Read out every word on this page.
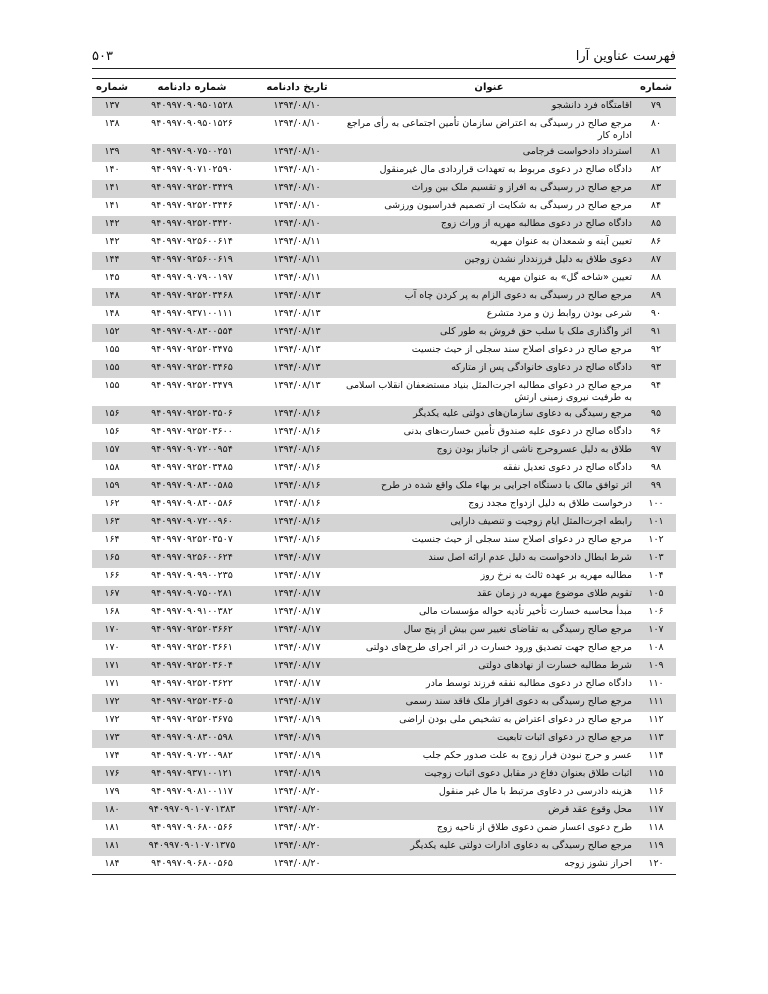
فهرست عناوین آرا
۵۰۳
شماره	عنوان	تاریخ دادنامه	شماره دادنامه	شماره
۷۹	اقامتگاه فرد دانشجو	۱۳۹۴/۰۸/۱۰	۹۴۰۹۹۷۰۹۰۹۵۰۱۵۲۸	۱۳۷
۸۰	مرجع صالح در رسیدگی به اعتراض سازمان تأمین اجتماعی به رأی مراجع اداره کار	۱۳۹۴/۰۸/۱۰	۹۴۰۹۹۷۰۹۰۹۵۰۱۵۲۶	۱۳۸
۸۱	استرداد دادخواست فرجامی	۱۳۹۴/۰۸/۱۰	۹۴۰۹۹۷۰۹۰۷۵۰۰۲۵۱	۱۳۹
۸۲	دادگاه صالح در دعوی مربوط به تعهدات قراردادی مال غیرمنقول	۱۳۹۴/۰۸/۱۰	۹۴۰۹۹۷۰۹۰۷۱۰۲۵۹۰	۱۴۰
۸۳	مرجع صالح در رسیدگی به افراز و تقسیم ملک بین وراث	۱۳۹۴/۰۸/۱۰	۹۴۰۹۹۷۰۹۲۵۲۰۳۴۲۹	۱۴۱
۸۴	مرجع صالح در رسیدگی به شکایت از تصمیم فدراسیون ورزشی	۱۳۹۴/۰۸/۱۰	۹۴۰۹۹۷۰۹۲۵۲۰۳۴۴۶	۱۴۱
۸۵	دادگاه صالح در دعوی مطالبه مهریه از وراث زوج	۱۳۹۴/۰۸/۱۰	۹۴۰۹۹۷۰۹۲۵۲۰۳۴۲۰	۱۴۲
۸۶	تعیین آینه و شمعدان به عنوان مهریه	۱۳۹۴/۰۸/۱۱	۹۴۰۹۹۷۰۹۲۵۶۰۰۶۱۴	۱۴۲
۸۷	دعوی طلاق به دلیل فرزنددار نشدن زوجین	۱۳۹۴/۰۸/۱۱	۹۴۰۹۹۷۰۹۲۵۶۰۰۶۱۹	۱۴۴
۸۸	تعیین «شاخه گل» به عنوان مهریه	۱۳۹۴/۰۸/۱۱	۹۴۰۹۹۷۰۹۰۷۹۰۰۱۹۷	۱۴۵
۸۹	مرجع صالح در رسیدگی به دعوی الزام به پر کردن چاه آب	۱۳۹۴/۰۸/۱۳	۹۴۰۹۹۷۰۹۲۵۲۰۳۴۶۸	۱۴۸
۹۰	شرعی بودن روابط زن و مرد متشرع	۱۳۹۴/۰۸/۱۳	۹۴۰۹۹۷۰۹۳۷۱۰۰۱۱۱	۱۴۸
۹۱	اثر واگذاری ملک با سلب حق فروش به طور کلی	۱۳۹۴/۰۸/۱۳	۹۴۰۹۹۷۰۹۰۸۳۰۰۵۵۴	۱۵۲
۹۲	مرجع صالح در دعوای اصلاح سند سجلی از حیث جنسیت	۱۳۹۴/۰۸/۱۳	۹۴۰۹۹۷۰۹۲۵۲۰۳۴۷۵	۱۵۵
۹۳	دادگاه صالح در دعاوی خانوادگی پس از متارکه	۱۳۹۴/۰۸/۱۳	۹۴۰۹۹۷۰۹۲۵۲۰۳۴۶۵	۱۵۵
۹۴	مرجع صالح در دعوای مطالبه اجرت‌المثل بنیاد مستضعفان انقلاب اسلامی به طرفیت نیروی زمینی ارتش	۱۳۹۴/۰۸/۱۳	۹۴۰۹۹۷۰۹۲۵۲۰۳۴۷۹	۱۵۵
۹۵	مرجع رسیدگی به دعاوی سازمان‌های دولتی علیه یکدیگر	۱۳۹۴/۰۸/۱۶	۹۴۰۹۹۷۰۹۲۵۲۰۳۵۰۶	۱۵۶
۹۶	دادگاه صالح در دعوی علیه صندوق تأمین خسارت‌های بدنی	۱۳۹۴/۰۸/۱۶	۹۴۰۹۹۷۰۹۲۵۲۰۳۶۰۰	۱۵۶
۹۷	طلاق به دلیل عسروحرج ناشی از جانباز بودن زوج	۱۳۹۴/۰۸/۱۶	۹۴۰۹۹۷۰۹۰۷۲۰۰۹۵۴	۱۵۷
۹۸	دادگاه صالح در دعوی تعدیل نفقه	۱۳۹۴/۰۸/۱۶	۹۴۰۹۹۷۰۹۲۵۲۰۳۴۸۵	۱۵۸
۹۹	اثر توافق مالک با دستگاه اجرایی بر بهاء ملک واقع شده در طرح	۱۳۹۴/۰۸/۱۶	۹۴۰۹۹۷۰۹۰۸۳۰۰۵۸۵	۱۵۹
۱۰۰	درخواست طلاق به دلیل ازدواج مجدد زوج	۱۳۹۴/۰۸/۱۶	۹۴۰۹۹۷۰۹۰۸۳۰۰۵۸۶	۱۶۲
۱۰۱	رابطه اجرت‌المثل ایام زوجیت و تنصیف دارایی	۱۳۹۴/۰۸/۱۶	۹۴۰۹۹۷۰۹۰۷۲۰۰۹۶۰	۱۶۳
۱۰۲	مرجع صالح در دعوای اصلاح سند سجلی از حیث جنسیت	۱۳۹۴/۰۸/۱۶	۹۴۰۹۹۷۰۹۲۵۲۰۳۵۰۷	۱۶۴
۱۰۳	شرط ابطال دادخواست به دلیل عدم ارائه اصل سند	۱۳۹۴/۰۸/۱۷	۹۴۰۹۹۷۰۹۲۵۶۰۰۶۲۴	۱۶۵
۱۰۴	مطالبه مهریه بر عهده ثالث به نرخ روز	۱۳۹۴/۰۸/۱۷	۹۴۰۹۹۷۰۹۰۹۹۰۰۲۳۵	۱۶۶
۱۰۵	تقویم طلای موضوع مهریه در زمان عقد	۱۳۹۴/۰۸/۱۷	۹۴۰۹۹۷۰۹۰۷۵۰۰۲۸۱	۱۶۷
۱۰۶	مبدأ محاسبه خسارت تأخیر تأدیه حواله مؤسسات مالی	۱۳۹۴/۰۸/۱۷	۹۴۰۹۹۷۰۹۰۹۱۰۰۳۸۲	۱۶۸
۱۰۷	مرجع صالح رسیدگی به تقاضای تغییر سن بیش از پنج سال	۱۳۹۴/۰۸/۱۷	۹۴۰۹۹۷۰۹۲۵۲۰۳۶۶۲	۱۷۰
۱۰۸	مرجع صالح جهت تصدیق ورود خسارت در اثر اجرای طرح‌های دولتی	۱۳۹۴/۰۸/۱۷	۹۴۰۹۹۷۰۹۲۵۲۰۳۶۶۱	۱۷۰
۱۰۹	شرط مطالبه خسارت از نهادهای دولتی	۱۳۹۴/۰۸/۱۷	۹۴۰۹۹۷۰۹۲۵۲۰۳۶۰۴	۱۷۱
۱۱۰	دادگاه صالح در دعوی مطالبه نفقه فرزند توسط مادر	۱۳۹۴/۰۸/۱۷	۹۴۰۹۹۷۰۹۲۵۲۰۳۶۲۲	۱۷۱
۱۱۱	مرجع صالح رسیدگی به دعوی افراز ملک فاقد سند رسمی	۱۳۹۴/۰۸/۱۷	۹۴۰۹۹۷۰۹۲۵۲۰۳۶۰۵	۱۷۲
۱۱۲	مرجع صالح در دعوای اعتراض به تشخیص ملی بودن اراضی	۱۳۹۴/۰۸/۱۹	۹۴۰۹۹۷۰۹۲۵۲۰۳۶۷۵	۱۷۲
۱۱۳	مرجع صالح در دعوای اثبات تابعیت	۱۳۹۴/۰۸/۱۹	۹۴۰۹۹۷۰۹۰۸۳۰۰۵۹۸	۱۷۳
۱۱۴	عسر و حرج نبودن فرار زوج به علت صدور حکم جلب	۱۳۹۴/۰۸/۱۹	۹۴۰۹۹۷۰۹۰۷۲۰۰۹۸۲	۱۷۴
۱۱۵	اثبات طلاق بعنوان دفاع در مقابل دعوی اثبات زوجیت	۱۳۹۴/۰۸/۱۹	۹۴۰۹۹۷۰۹۳۷۱۰۰۱۲۱	۱۷۶
۱۱۶	هزینه دادرسی در دعاوی مرتبط با مال غیر منقول	۱۳۹۴/۰۸/۲۰	۹۴۰۹۹۷۰۹۰۸۱۰۰۱۱۷	۱۷۹
۱۱۷	محل وقوع عقد قرض	۱۳۹۴/۰۸/۲۰	۹۴۰۹۹۷۰۹۰۱۰۷۰۱۳۸۳	۱۸۰
۱۱۸	طرح دعوی اعسار ضمن دعوی طلاق از ناحیه زوج	۱۳۹۴/۰۸/۲۰	۹۴۰۹۹۷۰۹۰۶۸۰۰۵۶۶	۱۸۱
۱۱۹	مرجع صالح رسیدگی به دعاوی ادارات دولتی علیه یکدیگر	۱۳۹۴/۰۸/۲۰	۹۴۰۹۹۷۰۹۰۱۰۷۰۱۳۷۵	۱۸۱
۱۲۰	احراز نشوز زوجه	۱۳۹۴/۰۸/۲۰	۹۴۰۹۹۷۰۹۰۶۸۰۰۵۶۵	۱۸۴
